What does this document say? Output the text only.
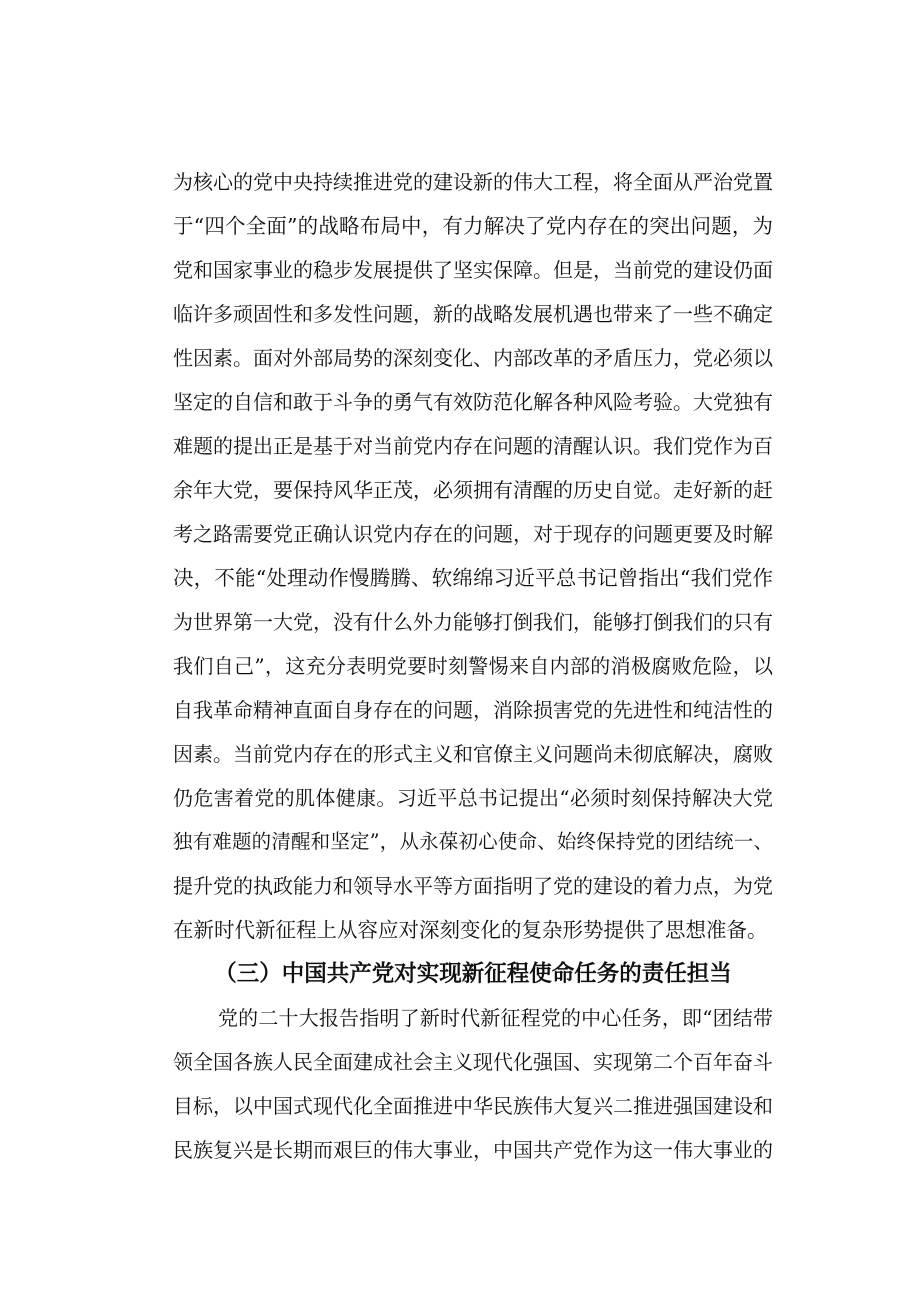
为核心的党中央持续推进党的建设新的伟大工程，将全面从严治党置
于“四个全面”的战略布局中，有力解决了党内存在的突出问题，为
党和国家事业的稳步发展提供了坚实保障。但是，当前党的建设仍面
临许多顽固性和多发性问题，新的战略发展机遇也带来了一些不确定
性因素。面对外部局势的深刻变化、内部改革的矛盾压力，党必须以
坚定的自信和敢于斗争的勇气有效防范化解各种风险考验。大党独有
难题的提出正是基于对当前党内存在问题的清醒认识。我们党作为百
余年大党，要保持风华正茂，必须拥有清醒的历史自觉。走好新的赶
考之路需要党正确认识党内存在的问题，对于现存的问题更要及时解
决，不能“处理动作慢腾腾、软绵绵习近平总书记曾指出“我们党作
为世界第一大党，没有什么外力能够打倒我们，能够打倒我们的只有
我们自己”，这充分表明党要时刻警惕来自内部的消极腐败危险，以
自我革命精神直面自身存在的问题，消除损害党的先进性和纯洁性的
因素。当前党内存在的形式主义和官僚主义问题尚未彻底解决，腐败
仍危害着党的肌体健康。习近平总书记提出“必须时刻保持解决大党
独有难题的清醒和坚定”，从永葆初心使命、始终保持党的团结统一、
提升党的执政能力和领导水平等方面指明了党的建设的着力点，为党
在新时代新征程上从容应对深刻变化的复杂形势提供了思想准备。
（三）中国共产党对实现新征程使命任务的责任担当
党的二十大报告指明了新时代新征程党的中心任务，即“团结带
领全国各族人民全面建成社会主义现代化强国、实现第二个百年奋斗
目标，以中国式现代化全面推进中华民族伟大复兴二推进强国建设和
民族复兴是长期而艰巨的伟大事业，中国共产党作为这一伟大事业的
